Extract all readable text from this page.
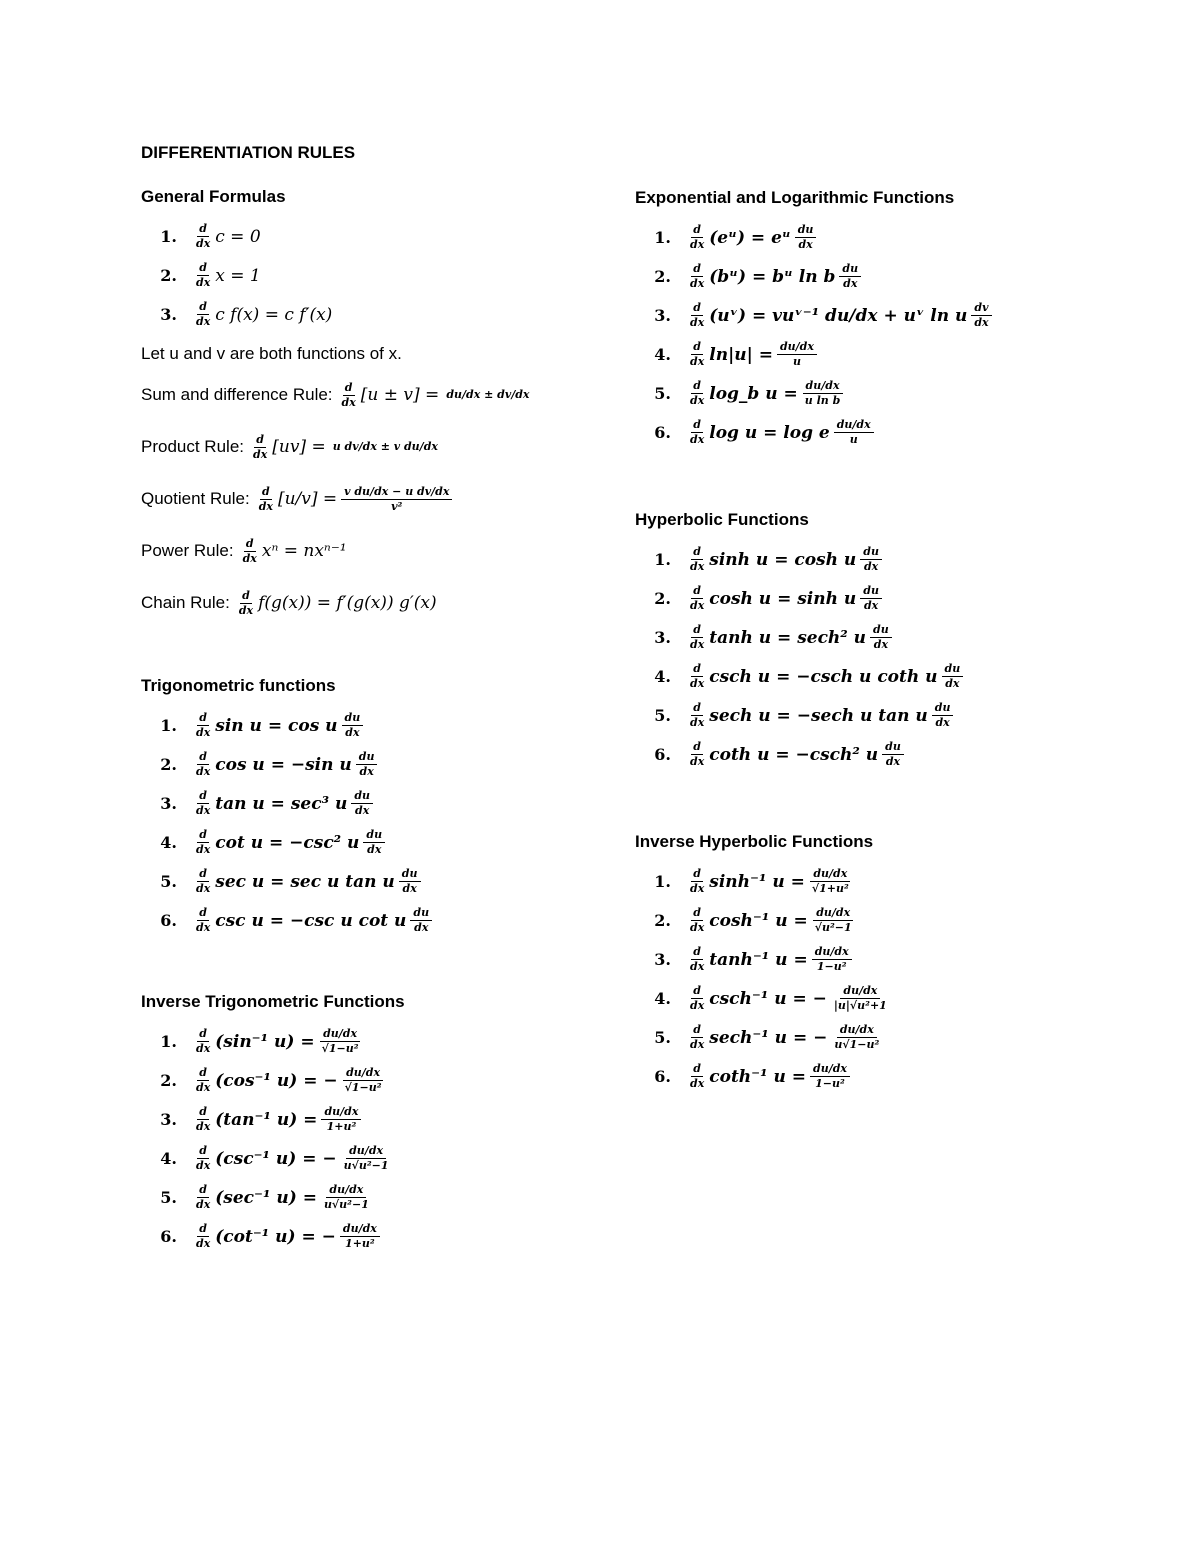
DIFFERENTIATION RULES

General Formulas

1. $\frac{d}{dx}$ c = 0
2. $\frac{d}{dx}$ x = 1
3. $\frac{d}{dx}$ c f(x) = c f′(x)

Let u and v are both functions of x.

Sum and difference Rule: $\frac{d}{dx} [u \pm v] = du/dx \pm dv/dx$
Product Rule: $\frac{d}{dx} [uv] = u$ dv/dx ± v du/dx
Quotient Rule: $\frac{d}{dx} [u/v] = \frac{\text{v du/dx − u dv/dx}}{\text{v²}}$
Power Rule: $\frac{d}{dx}$ xⁿ = nxⁿ⁻¹
Chain Rule: $\frac{d}{dx} f(g(x)) = f'(g(x))$ g′(x)

Trigonometric functions

1. $\frac{d}{dx}$ sin u = cos u du
dx
2. $\frac{d}{dx}$ cos u = −sin u du
dx
3. $\frac{d}{dx}$ tan u = sec³ u du
dx
4. $\frac{d}{dx}$ cot u = −csc² u du
dx
5. $\frac{d}{dx}$ sec u = sec u tan u du
dx
6. $\frac{d}{dx}$ csc u = −csc u cot u du
dx

Inverse Trigonometric Functions

1. $\frac{d}{dx} (\sin^{-1}$ $u) = \frac{du/dx}{\text{√1−u²}}$
2. $\frac{d}{dx} (\cos^{-1}$ u) = − $\frac{du/dx}{\text{√1−u²}}$
3. $\frac{d}{dx} (\tan^{-1}$ $u) = \frac{du/dx}{\text{1+u²}}$
4. $\frac{d}{dx} (\csc^{-1}$ u) = − $\frac{du/dx}{\text{u√u²−1}}$
5. $\frac{d}{dx} (\sec^{-1}$ $u) = \frac{du/dx}{\text{u√u²−1}}$
6. $\frac{d}{dx} (\cot^{-1}$ u) = − $\frac{du/dx}{\text{1+u²}}$

Exponential and Logarithmic Functions

1. $\frac{d}{dx}$ (eᵘ) = eᵘ du
dx
2. $\frac{d}{dx}$ (bᵘ) = bᵘ ln b du
dx
3. $\frac{d}{dx}$ (uᵛ) = vuᵛ⁻¹ du/dx + uᵛ ln u dv
dx
4. $\frac{d}{dx} \ln|u| = \frac{du/dx}{u}$
5. $\frac{d}{dx}$ log_b $u = \frac{du/dx}{\text{u ln b}}$
6. $\frac{d}{dx}$ log u = log e du/dx
u

Hyperbolic Functions

1. $\frac{d}{dx}$ sinh u = cosh u du
dx
2. $\frac{d}{dx}$ cosh u = sinh u du
dx
3. $\frac{d}{dx}$ tanh u = sech² u du
dx
4. $\frac{d}{dx}$ csch u = −csch u coth u du
dx
5. $\frac{d}{dx}$ sech u = −sech u tan u du
dx
6. $\frac{d}{dx}$ coth u = −csch² u du
dx

Inverse Hyperbolic Functions

1. $\frac{d}{dx} \sinh^{-1}$ $u = \frac{du/dx}{\text{√1+u²}}$
2. $\frac{d}{dx} \cosh^{-1}$ $u = \frac{du/dx}{\text{√u²−1}}$
3. $\frac{d}{dx} \tanh^{-1}$ $u = \frac{du/dx}{\text{1−u²}}$
4. $\frac{d}{dx} \csc h^{-1}$ u = − $\frac{du/dx}{\text{|u|√u²+1}}$
5. $\frac{d}{dx} \sec h^{-1}$ u = − $\frac{du/dx}{\text{u√1−u²}}$
6. $\frac{d}{dx} \cot h^{-1}$ $u = \frac{du/dx}{\text{1−u²}}$
